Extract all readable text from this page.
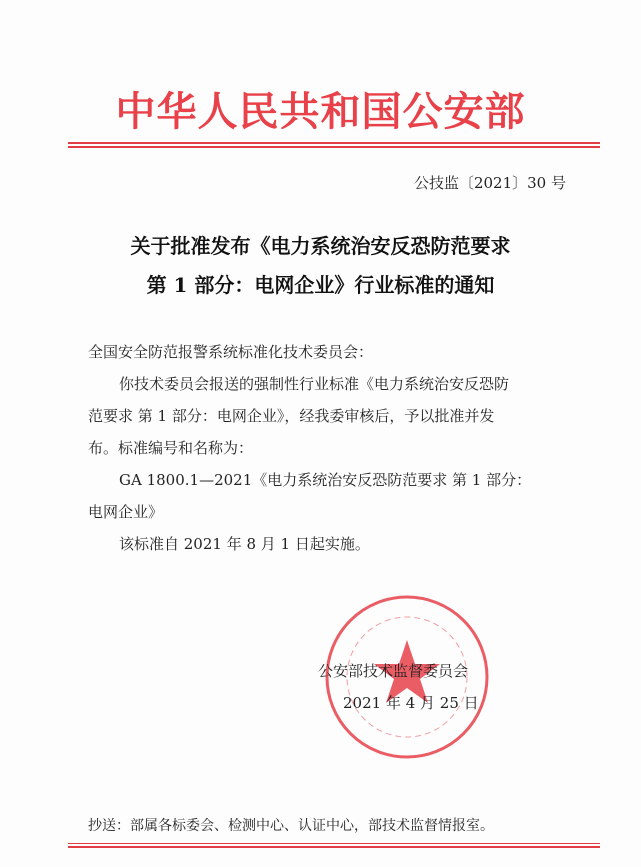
中华人民共和国公安部
公技监〔2021〕30 号
关于批准发布《电力系统治安反恐防范要求
第 1 部分：电网企业》行业标准的通知
全国安全防范报警系统标准化技术委员会：
你技术委员会报送的强制性行业标准《电力系统治安反恐防
范要求 第 1 部分：电网企业》，经我委审核后，予以批准并发
布。标准编号和名称为：
GA 1800.1—2021《电力系统治安反恐防范要求 第 1 部分：
电网企业》
该标准自 2021 年 8 月 1 日起实施。
公安部技术监督委员会
2021 年 4 月 25 日
抄送：部属各标委会、检测中心、认证中心，部技术监督情报室。
